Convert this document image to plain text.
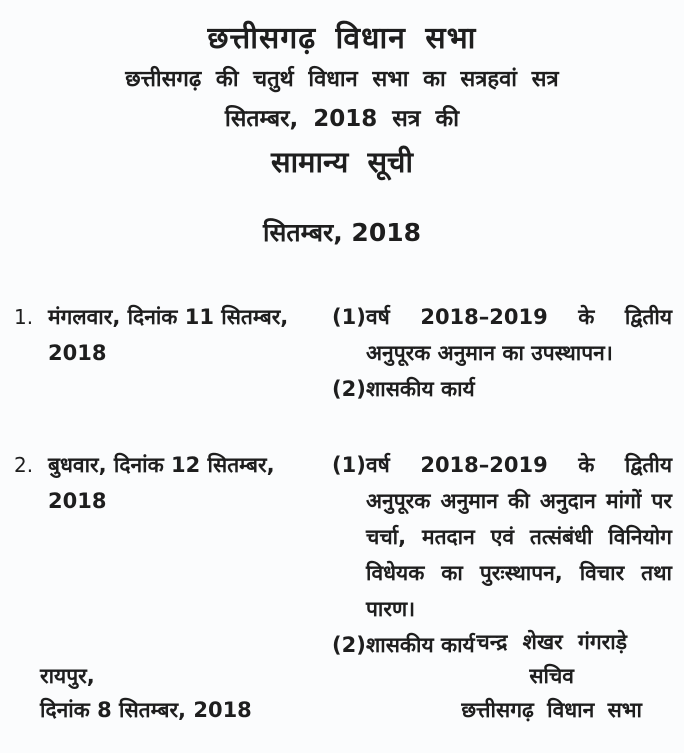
छत्तीसगढ़ विधान सभा

छत्तीसगढ़ की चतुर्थ विधान सभा का सत्रहवां सत्र

सितम्बर, 2018 सत्र की

सामान्य सूची

सितम्बर, 2018
1. मंगलवार, दिनांक 11 सितम्बर, 2018
(1) वर्ष 2018–2019 के द्वितीय अनुपूरक अनुमान का उपस्थापन।
(2) शासकीय कार्य
2. बुधवार, दिनांक 12 सितम्बर, 2018
(1) वर्ष 2018–2019 के द्वितीय अनुपूरक अनुमान की अनुदान मांगों पर चर्चा, मतदान एवं तत्संबंधी विनियोग विधेयक का पुरःस्थापन, विचार तथा पारण।
(2) शासकीय कार्य

रायपुर,

दिनांक 8 सितम्बर, 2018

चन्द्र शेखर गंगराड़े

सचिव

छत्तीसगढ़ विधान सभा
